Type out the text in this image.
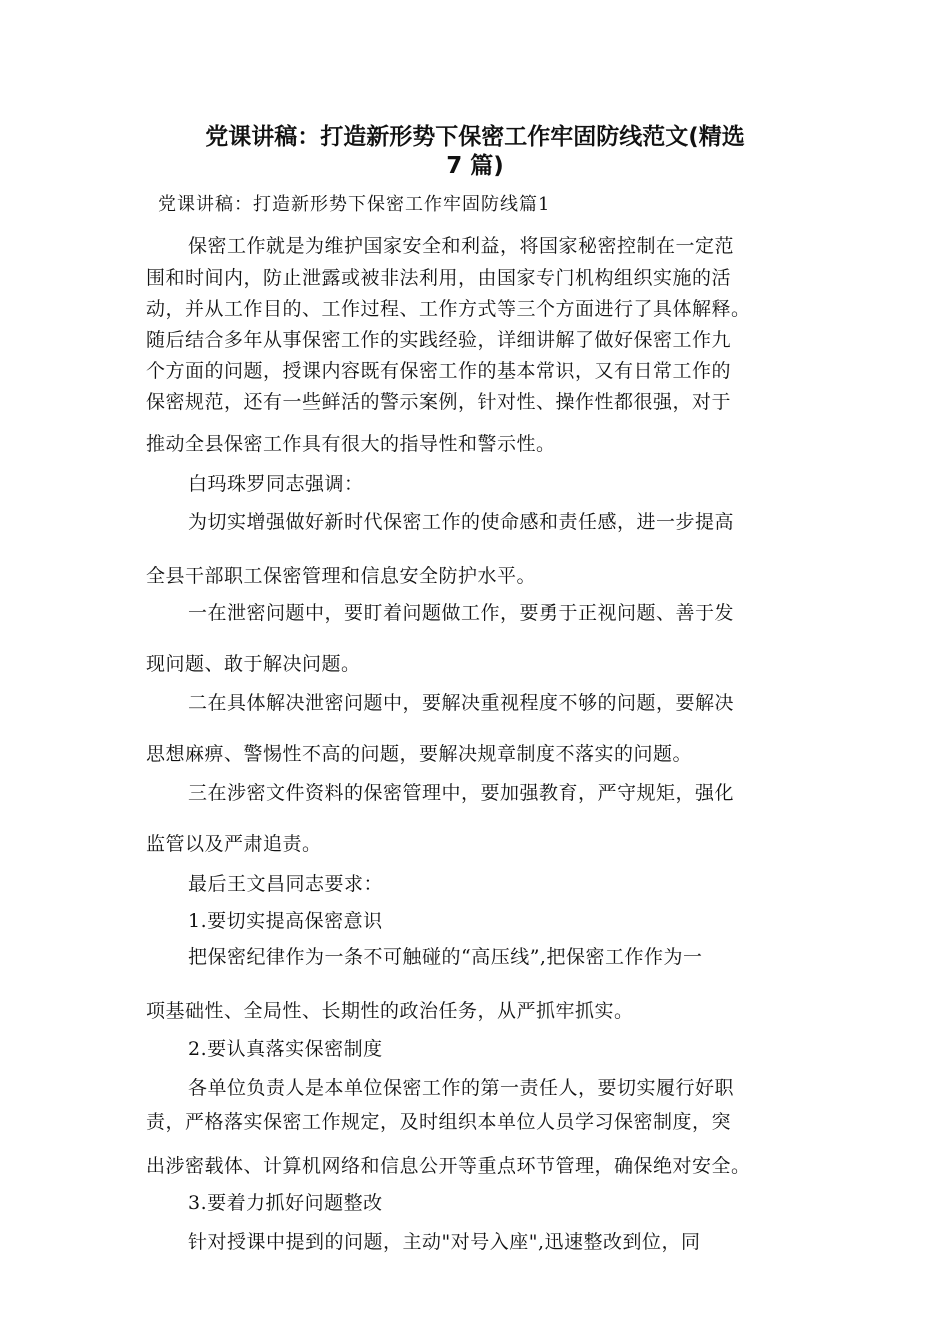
党课讲稿：打造新形势下保密工作牢固防线范文(精选
7 篇)
党课讲稿：打造新形势下保密工作牢固防线篇1
保密工作就是为维护国家安全和利益，将国家秘密控制在一定范
围和时间内，防止泄露或被非法利用，由国家专门机构组织实施的活
动，并从工作目的、工作过程、工作方式等三个方面进行了具体解释。
随后结合多年从事保密工作的实践经验，详细讲解了做好保密工作九
个方面的问题，授课内容既有保密工作的基本常识，又有日常工作的
保密规范，还有一些鲜活的警示案例，针对性、操作性都很强，对于
推动全县保密工作具有很大的指导性和警示性。
白玛珠罗同志强调：
为切实增强做好新时代保密工作的使命感和责任感，进一步提高
全县干部职工保密管理和信息安全防护水平。
一在泄密问题中，要盯着问题做工作，要勇于正视问题、善于发
现问题、敢于解决问题。
二在具体解决泄密问题中，要解决重视程度不够的问题，要解决
思想麻痹、警惕性不高的问题，要解决规章制度不落实的问题。
三在涉密文件资料的保密管理中，要加强教育，严守规矩，强化
监管以及严肃追责。
最后王文昌同志要求：
1.要切实提高保密意识
把保密纪律作为一条不可触碰的“高压线”,把保密工作作为一
项基础性、全局性、长期性的政治任务，从严抓牢抓实。
2.要认真落实保密制度
各单位负责人是本单位保密工作的第一责任人，要切实履行好职
责，严格落实保密工作规定，及时组织本单位人员学习保密制度，突
出涉密载体、计算机网络和信息公开等重点环节管理，确保绝对安全。
3.要着力抓好问题整改
针对授课中提到的问题，主动"对号入座",迅速整改到位，同
